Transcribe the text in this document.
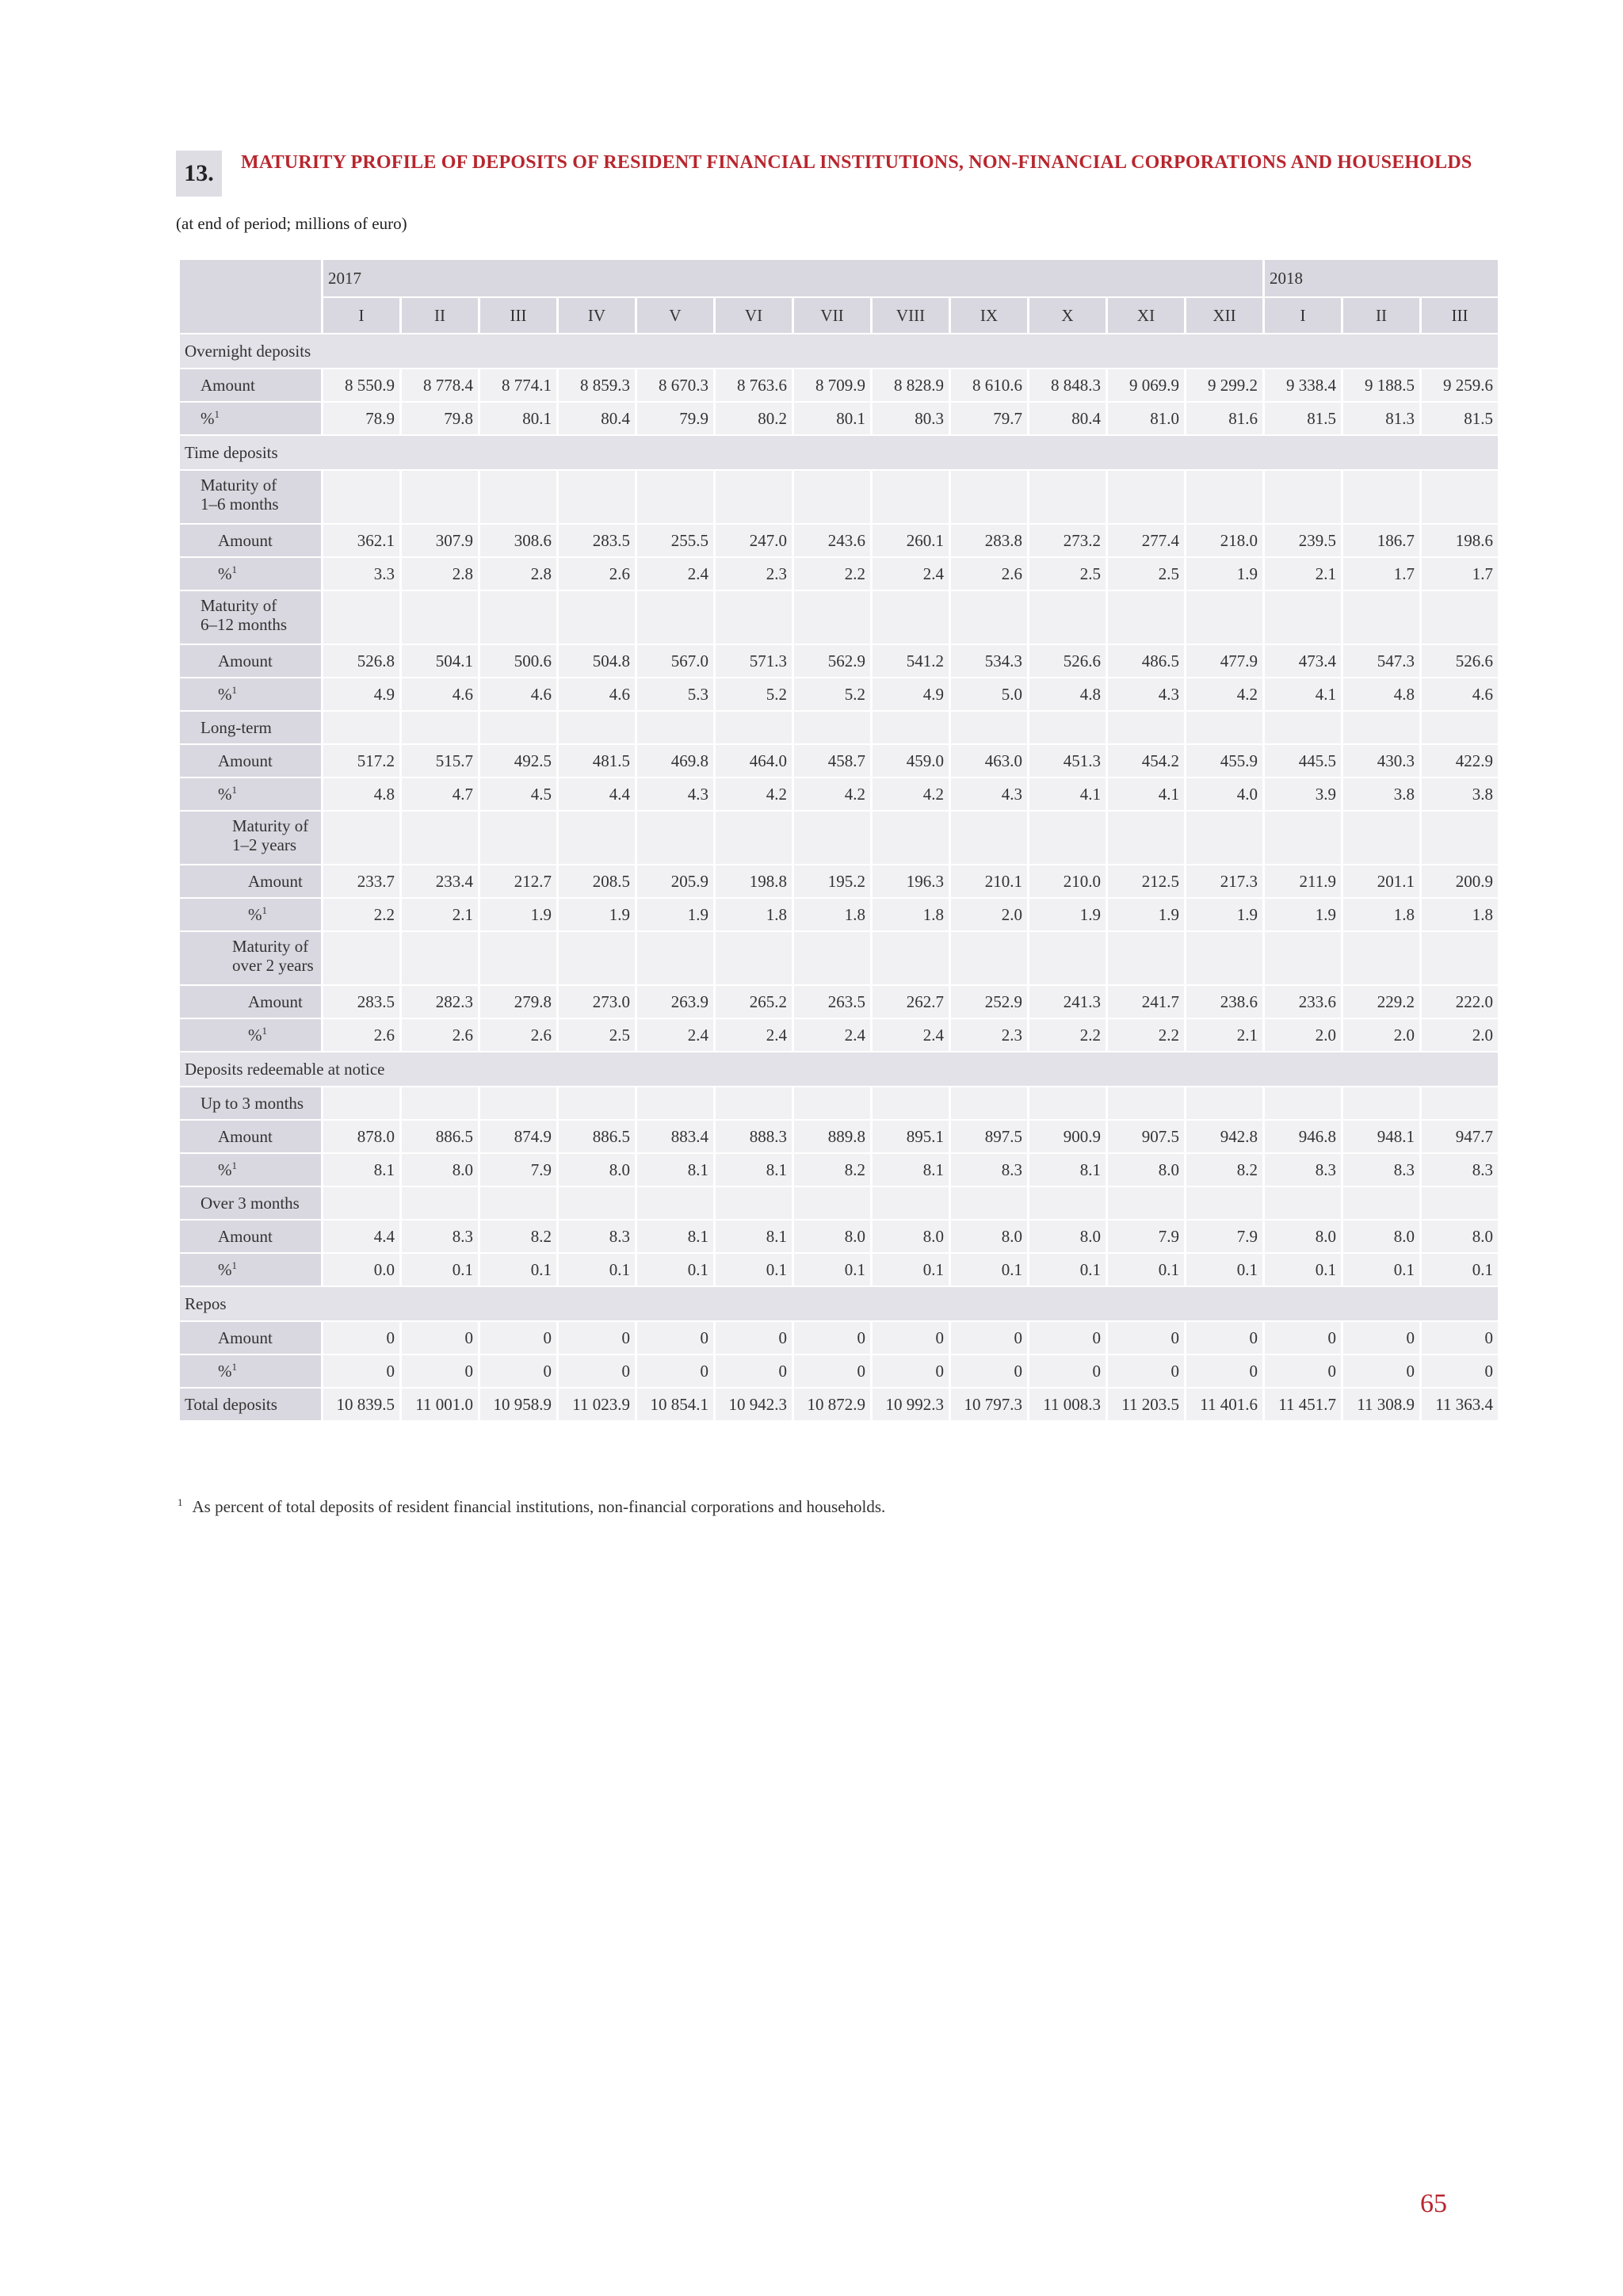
13.	MATURITY PROFILE OF DEPOSITS OF RESIDENT FINANCIAL INSTITUTIONS, NON-FINANCIAL CORPORATIONS AND HOUSEHOLDS
(at end of period; millions of euro)
	2017												2018		
	I	II	III	IV	V	VI	VII	VIII	IX	X	XI	XII	I	II	III
Overnight deposits															
Amount	8 550.9	8 778.4	8 774.1	8 859.3	8 670.3	8 763.6	8 709.9	8 828.9	8 610.6	8 848.3	9 069.9	9 299.2	9 338.4	9 188.5	9 259.6
%$^1$	78.9	79.8	80.1	80.4	79.9	80.2	80.1	80.3	79.7	80.4	81.0	81.6	81.5	81.3	81.5
Time deposits															

Maturity of
1–6 months															

Amount	362.1	307.9	308.6	283.5	255.5	247.0	243.6	260.1	283.8	273.2	277.4	218.0	239.5	186.7	198.6
%$^1$	3.3	2.8	2.8	2.6	2.4	2.3	2.2	2.4	2.6	2.5	2.5	1.9	2.1	1.7	1.7

Maturity of
6–12 months															

Amount	526.8	504.1	500.6	504.8	567.0	571.3	562.9	541.2	534.3	526.6	486.5	477.9	473.4	547.3	526.6
%$^1$	4.9	4.6	4.6	4.6	5.3	5.2	5.2	4.9	5.0	4.8	4.3	4.2	4.1	4.8	4.6
Long-term															
Amount	517.2	515.7	492.5	481.5	469.8	464.0	458.7	459.0	463.0	451.3	454.2	455.9	445.5	430.3	422.9
%$^1$	4.8	4.7	4.5	4.4	4.3	4.2	4.2	4.2	4.3	4.1	4.1	4.0	3.9	3.8	3.8

Maturity of
1–2 years															

Amount	233.7	233.4	212.7	208.5	205.9	198.8	195.2	196.3	210.1	210.0	212.5	217.3	211.9	201.1	200.9
%$^1$	2.2	2.1	1.9	1.9	1.9	1.8	1.8	1.8	2.0	1.9	1.9	1.9	1.9	1.8	1.8

Maturity of
over 2 years															

Amount	283.5	282.3	279.8	273.0	263.9	265.2	263.5	262.7	252.9	241.3	241.7	238.6	233.6	229.2	222.0
%$^1$	2.6	2.6	2.6	2.5	2.4	2.4	2.4	2.4	2.3	2.2	2.2	2.1	2.0	2.0	2.0
Deposits redeemable at notice															
Up to 3 months															
Amount	878.0	886.5	874.9	886.5	883.4	888.3	889.8	895.1	897.5	900.9	907.5	942.8	946.8	948.1	947.7
%$^1$	8.1	8.0	7.9	8.0	8.1	8.1	8.2	8.1	8.3	8.1	8.0	8.2	8.3	8.3	8.3
Over 3 months															
Amount	4.4	8.3	8.2	8.3	8.1	8.1	8.0	8.0	8.0	8.0	7.9	7.9	8.0	8.0	8.0
%$^1$	0.0	0.1	0.1	0.1	0.1	0.1	0.1	0.1	0.1	0.1	0.1	0.1	0.1	0.1	0.1
Repos															
Amount	0	0	0	0	0	0	0	0	0	0	0	0	0	0	0
%$^1$	0	0	0	0	0	0	0	0	0	0	0	0	0	0	0
Total deposits	10 839.5	11 001.0	10 958.9	11 023.9	10 854.1	10 942.3	10 872.9	10 992.3	10 797.3	11 008.3	11 203.5	11 401.6	11 451.7	11 308.9	11 363.4
$^1$ As percent of total deposits of resident financial institutions, non-financial corporations and households.
65
